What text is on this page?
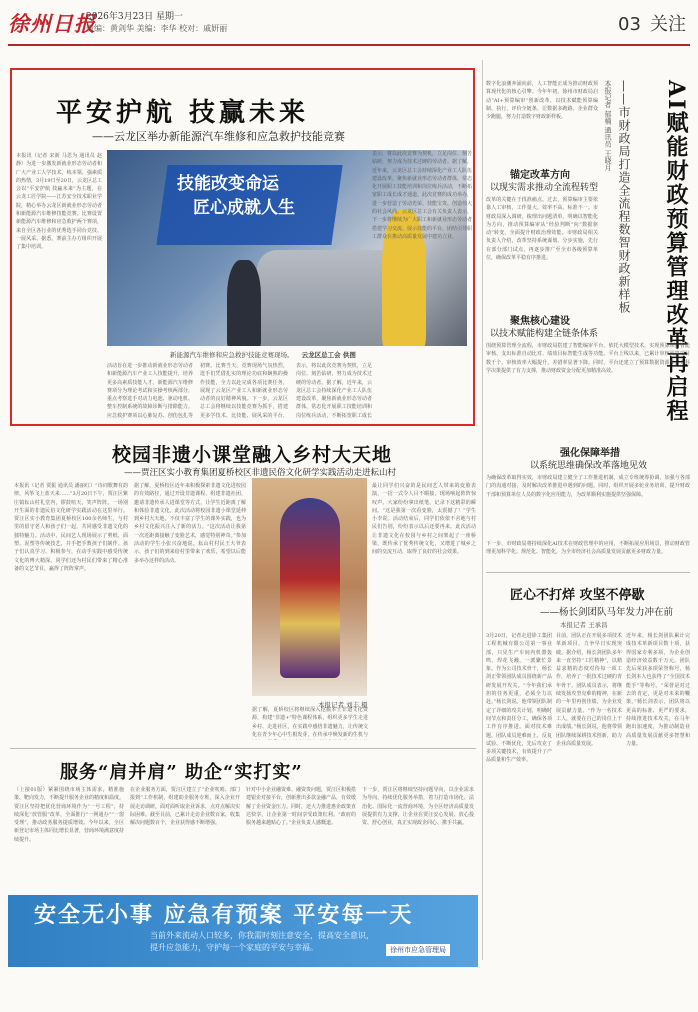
徐州日报
2026年3月23日 星期一
责编：黄剑华 美编：李华 校对：戚妍丽	03 关注
平安护航 技赢未来
——云龙区举办新能源汽车维修和应急救护技能竞赛
本报讯（记者 宋新 马思为 通讯员 赵静）为进一步激发新就业形态劳动者和广大产业工人学技术、练本领、强素质的热情，3月19日至20日，云龙区总工会以“平安护航 技赢未来”为主题，在云龙工匠学院——江苏安全技术职业学院，精心举办云龙区新就业形态劳动者和新能源汽车维修技能竞赛。比赛设置新能源汽车维修和应急救护两个赛项，来自全区各行业的优秀选手同台竞技、一展风采。据悉，赛前主办方组织开展了集中培训。
技能改变命运
匠心成就人生
新能源汽车维修和应急救护技能竞赛现场。 云龙区总工会 供图
活动旨在进一步推动新就业形态劳动者和新能源汽车产业工人技能提升，培养更多高素质技能人才。新能源汽车维修赛项分为理论考试和实操考核两部分，重点考察选手对动力电池、驱动电机、整车控制系统的故障诊断与排除能力。应急救护赛项以心肺复苏、创伤包扎等
初赛。比赛当天，竞赛现场气氛热烈，选手们凭借扎实的理论功底和娴熟的操作技能，全力以赴完成各项比赛任务，展现了云龙区产业工人和新就业形态劳动者的良好精神风貌。下一步，云龙区总工会将继续以技能竞赛为抓手，搭建更多学技术、比技能、展风采的平台，
表示，将以此次竞赛为契机，立足岗位、刻苦钻研，努力成为技术过硬的劳动者。据了解，近年来，云龙区总工会持续深化产业工人队伍建设改革，聚焦新就业形态劳动者群体，常态化开展职工技能培训和岗位练兵活动，不断拓宽职工成长
表示，将以此次竞赛为契机，立足岗位、刻苦钻研，努力成为技术过硬的劳动者。据了解，近年来，云龙区总工会持续深化产业工人队伍建设改革，聚焦新就业形态劳动者群体，常态化开展职工技能培训和岗位练兵活动，不断拓宽职工成长成才通道。此次竞赛的成功举办，进一步营造了劳动光荣、技能宝贵、创造伟大的社会风尚。云龙区总工会有关负责人表示，下一步将继续为广大职工和新就业形态劳动者搭建学习交流、展示技能的平台，团结引导职工群众在推动高质量发展中建功立业。
校园非遗小课堂融入乡村大天地
——贾汪区实小教育集团夏桥校区非遗民俗文化研学实践活动走进耘山村
本报讯（记者 贾振 通讯员 潘丽红）“诗词歌舞有韵律，风筝飞上蓝天来……”3月20日下午，贾汪区紫庄镇耘山村礼堂内，锣鼓喧天，笑声阵阵。一场别开生面的非遗民俗文化研学实践活动在这里举行。贾汪区实小教育集团夏桥校区100余名师生，与村里的留守老人和孩子们一起，共同感受非遗文化的独特魅力。活动中，民间艺人现场展示了剪纸、面塑、泥塑等传统技艺，并手把手教孩子们制作。孩子们认真学习、积极参与，在动手实践中感受传统文化的博大精深。同学们还为村民们带来了精心准备的文艺节目，赢得了阵阵掌声。
据了解，夏桥校区近年来积极探索非遗文化进校园的有效路径，通过开设非遗课程、组建非遗社团、邀请非遗传承人进课堂等方式，让学生近距离了解和体验非遗文化。此次活动将校园非遗小课堂延伸到乡村大天地，不仅丰富了学生的课外实践，也为乡村文化振兴注入了新的活力。“这次活动让我第一次近距离接触了变脸艺术，感觉特别神奇。”参加活动的学生小张兴奋地说。耘山村村民王大爷表示，孩子们的到来给村里带来了欢乐，希望以后能多举办这样的活动。
本报记者 刘丰 摄
最让同学们兴奋的是民间艺人带来的变脸表演，一招一式令人目不暇接，现场响起阵阵惊叹声。大家纷纷拿出纸笔，记录下这精彩的瞬间。“这是我第一次看变脸，太震撼了！”学生小李说。活动结束后，同学们依依不舍地与村民们告别，纷纷表示以后还要再来。此次活动让非遗文化在校园与乡村之间架起了一座桥梁，既传承了优秀传统文化，又增进了城乡之间的交流互动，取得了良好的社会效果。
据了解，夏桥校区将继续深入挖掘本土非遗文化资源，构建“非遗+”特色课程体系，组织更多学生走进乡村、走进社区，在实践中感悟非遗魅力，让传统文化在青少年心中生根发芽，在传承中焕发新的生机与
服务“肩并肩” 助企“实打实”
（上接01版）紧紧围绕市场主体需求，精准施策、靶向发力，不断提升服务企业的精度和温度。贾汪区坚持把优化营商环境作为“一号工程”，持续深化“放管服”改革，全面推行“一网通办”“一窗受理”，推动政务服务提质增效。今年以来，全区新登记市场主体同比增长显著，营商环境满意度持续提升。
在企业服务方面，贾汪区建立了“企业吹哨、部门报到”工作机制，组建助企服务专班，深入企业开展走访调研，面对面听取企业诉求，点对点解决实际困难。截至目前，已累计走访企业数百家，收集解决问题数百个，企业获得感不断增强。
针对中小企业融资难、融资贵问题，贾汪区积极搭建银企对接平台，创新推出多款金融产品，有效缓解了企业资金压力。同时，还大力推进惠企政策直达快享，让企业第一时间享受政策红利。“政府的服务越来越贴心了。”企业负责人感慨道。
下一步，贾汪区将继续坚持问题导向，以企业需求为导向，持续优化服务举措，着力打造市场化、法治化、国际化一流营商环境，为全区经济高质量发展提供有力支撑，让企业在贾汪安心发展、放心投资、舒心创业，真正实现政企同心、携手共赢。
安全无小事 应急有预案 平安每一天
当前外来流动人口较多，你我需时刻注意安全，提高安全意识，
提升应急能力，守护每一个家庭的平安与幸福。	徐州市应急管理局
AI赋能财政预算管理改革再启程
——市财政局打造全流程数智财政新样板
本报记者 郁楠 通讯员 王晓月
数字化浪潮奔涌向前，人工智能正成为推动财政预算现代化的核心引擎。今年年初，徐州市财政局启动“AI+预算编审”创新改革，以技术赋能预算编制、执行、评价全链条，让数据多跑路、企业群众少跑腿，努力打造数字财政新样板。
锚定改革方向
以现实需求推动全流程转型
改革的关键在于找准痛点。过去，预算编审主要依靠人工审核，工作量大、效率不高、标准不一。市财政局深入调研，梳理出问题清单，明确以智能化为方向，推动预算编审从“经验判断”向“数据驱动”转变，全面提升财政治理效能。市财政局相关负责人介绍，改革坚持系统谋划、分步实施，先行在部分部门试点，再逐步推广至全市各级预算单位，确保改革平稳有序推进。
聚焦核心建设
以技术赋能构建全链条体系
围绕预算管理全流程，市财政局搭建了智能编审平台，依托大模型技术，实现预算项目智能审核、支出标准自动比对、绩效目标智能生成等功能。平台上线以来，已累计审核预算项目数千个，审核效率大幅提升，差错率显著下降。同时，平台还建立了预算数据资源库，为科学决策提供了有力支撑，推动财政资金分配更加精准高效。
强化保障举措
以系统思维确保改革落地见效
为确保改革取得实效，市财政局建立健全了工作推进机制，成立专班统筹协调，加强与各部门的沟通对接，及时解决改革推进中遇到的问题。同时，组织开展多轮业务培训，提升财政干部和预算单位人员的数字化应用能力，为改革顺利实施提供坚强保障。
下一步，市财政局将持续深化AI技术在财政管理中的应用，不断拓展应用场景，推动财政管理更加科学化、规范化、智能化，为全市经济社会高质量发展贡献更多财政力量。
匠心不打烊 攻坚不停歇
——杨长剑团队马年发力冲在前
本报记者 王承昌
3月20日，记者走进徐工集团工程机械有限公司第一事业部，只见生产车间内机器轰鸣、焊花飞溅，一派繁忙景象。作为公司技术骨干，杨长剑正带领团队成员围绕新产品研发展开攻关。“今年我们承担的任务更重，必须全力以赴。”杨长剑说。他带领团队制定了详细的攻关计划，明确时间节点和责任分工，确保各项工作有序推进。面对技术难题，团队成员迎难而上，反复试验、不断优化，先后攻克了多项关键技术，有效提升了产品质量和生产效率。
目前，团队正在开展多项技术革新项目，力争早日实现突破。据介绍，杨长剑团队多年来一直坚持“工匠精神”，以精益求精的态度对待每一项工作，培养了一批技术过硬的青年骨干。团队成员表示，将继续发扬攻坚克难的精神，在新的一年里再创佳绩，为企业发展贡献力量。“作为一名技术工人，就要在自己的岗位上干出成绩。”杨长剑说，他将带领团队继续深耕技术创新，助力企业高质量发展。
近年来，杨长剑团队累计完成技术革新项目数十项，获得国家专利多项，为企业创造经济效益数千万元。团队先后荣获多项荣誉称号，杨长剑本人也获得了“全国技术能手”等称号。“荣誉是对过去的肯定，更是对未来的鞭策。”杨长剑表示，团队将以更高的标准、更严的要求，持续推进技术攻关，在马年跑出加速度，为推动制造业高质量发展贡献更多智慧和力量。
